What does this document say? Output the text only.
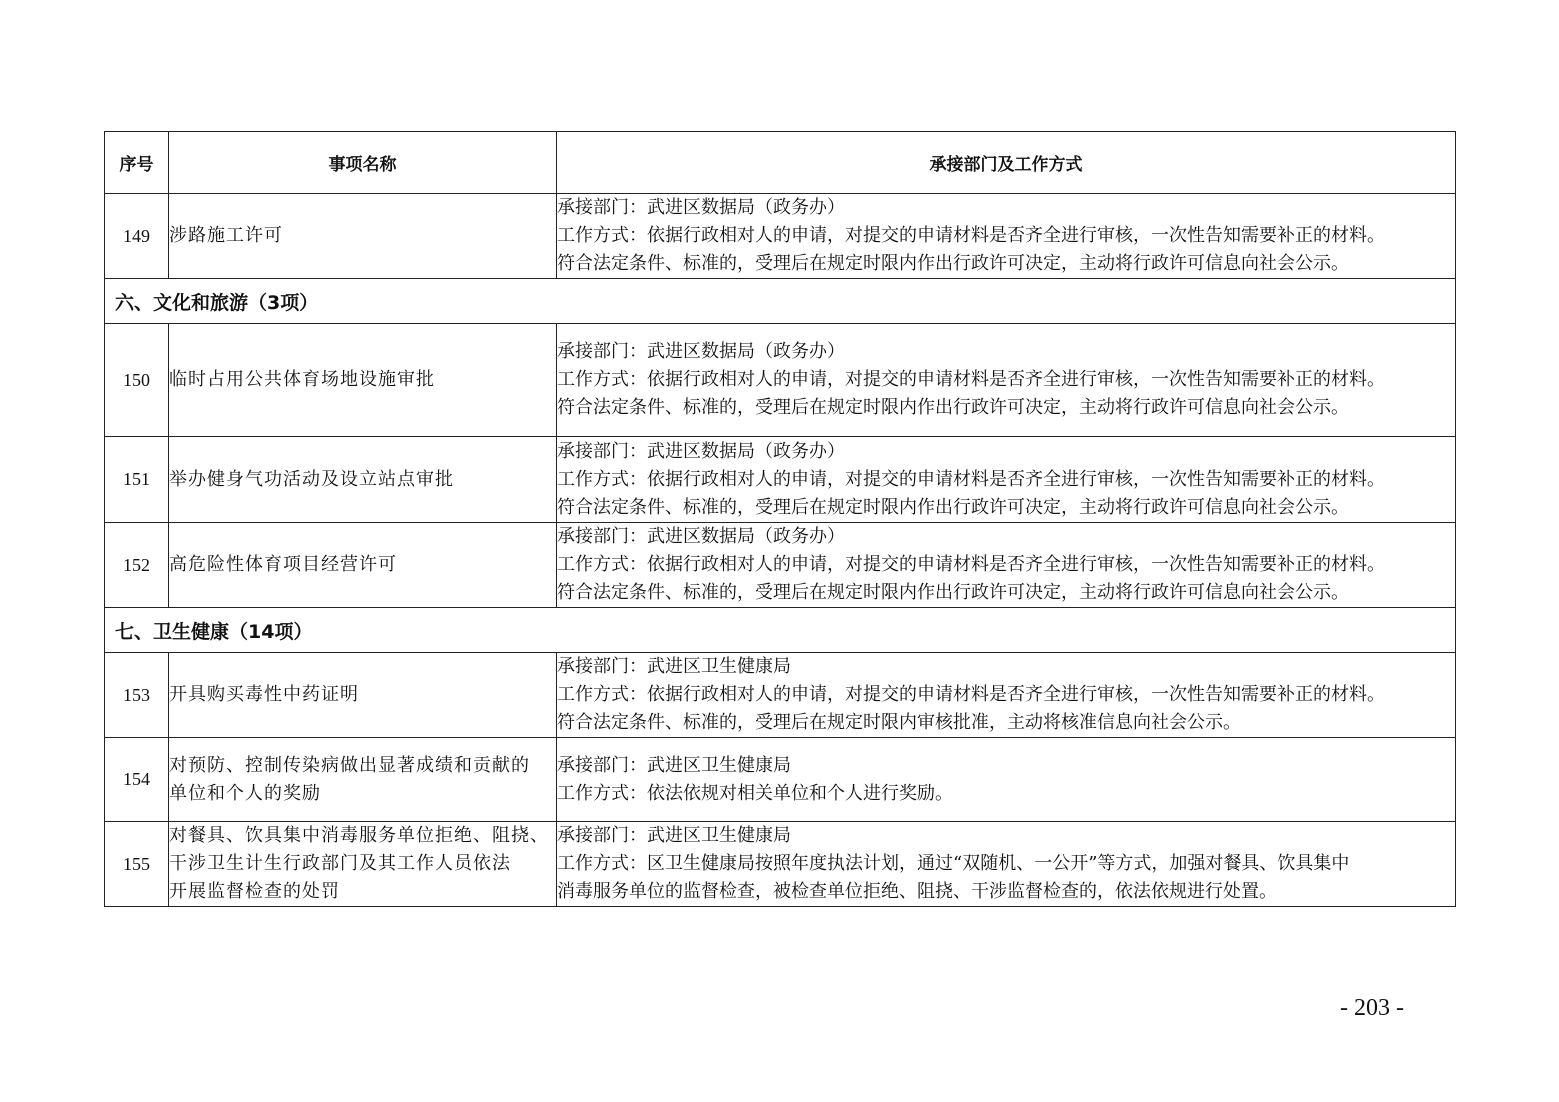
序号	事项名称	承接部门及工作方式
149	涉路施工许可	承接部门：武进区数据局（政务办）
工作方式：依据行政相对人的申请，对提交的申请材料是否齐全进行审核，一次性告知需要补正的材料。
符合法定条件、标准的，受理后在规定时限内作出行政许可决定，主动将行政许可信息向社会公示。

六、文化和旅游（3项）		
150	临时占用公共体育场地设施审批	承接部门：武进区数据局（政务办）
工作方式：依据行政相对人的申请，对提交的申请材料是否齐全进行审核，一次性告知需要补正的材料。
符合法定条件、标准的，受理后在规定时限内作出行政许可决定，主动将行政许可信息向社会公示。

151	举办健身气功活动及设立站点审批	承接部门：武进区数据局（政务办）
工作方式：依据行政相对人的申请，对提交的申请材料是否齐全进行审核，一次性告知需要补正的材料。
符合法定条件、标准的，受理后在规定时限内作出行政许可决定，主动将行政许可信息向社会公示。

152	高危险性体育项目经营许可	承接部门：武进区数据局（政务办）
工作方式：依据行政相对人的申请，对提交的申请材料是否齐全进行审核，一次性告知需要补正的材料。
符合法定条件、标准的，受理后在规定时限内作出行政许可决定，主动将行政许可信息向社会公示。

七、卫生健康（14项）		
153	开具购买毒性中药证明	承接部门：武进区卫生健康局
工作方式：依据行政相对人的申请，对提交的申请材料是否齐全进行审核，一次性告知需要补正的材料。
符合法定条件、标准的，受理后在规定时限内审核批准，主动将核准信息向社会公示。

154	对预防、控制传染病做出显著成绩和贡献的
单位和个人的奖励	承接部门：武进区卫生健康局
工作方式：依法依规对相关单位和个人进行奖励。

155	对餐具、饮具集中消毒服务单位拒绝、阻挠、
干涉卫生计生行政部门及其工作人员依法
开展监督检查的处罚	承接部门：武进区卫生健康局
工作方式：区卫生健康局按照年度执法计划，通过“双随机、一公开”等方式，加强对餐具、饮具集中
消毒服务单位的监督检查，被检查单位拒绝、阻挠、干涉监督检查的，依法依规进行处置。
- 203 -
